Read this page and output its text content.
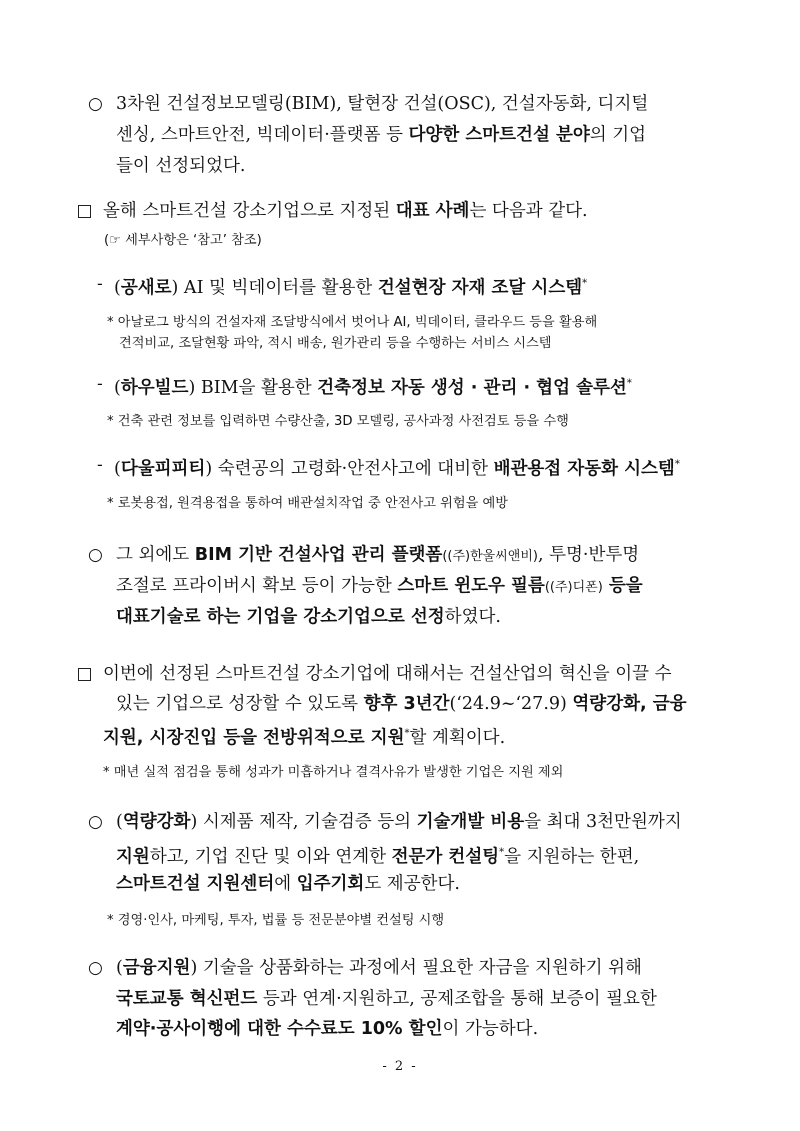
○ 3차원 건설정보모델링(BIM), 탈현장 건설(OSC), 건설자동화, 디지털
센싱, 스마트안전, 빅데이터·플랫폼 등 다양한 스마트건설 분야의 기업
들이 선정되었다.
올해 스마트건설 강소기업으로 지정된 대표 사례는 다음과 같다.
(☞ 세부사항은 ‘참고’ 참조)
- (공새로) AI 및 빅데이터를 활용한 건설현장 자재 조달 시스템*
* 아날로그 방식의 건설자재 조달방식에서 벗어나 AI, 빅데이터, 클라우드 등을 활용해
견적비교, 조달현황 파악, 적시 배송, 원가관리 등을 수행하는 서비스 시스템
- (하우빌드) BIM을 활용한 건축정보 자동 생성 · 관리 · 협업 솔루션*
* 건축 관련 정보를 입력하면 수량산출, 3D 모델링, 공사과정 사전검토 등을 수행
- (다울피피티) 숙련공의 고령화·안전사고에 대비한 배관용접 자동화 시스템*
* 로봇용접, 원격용접을 통하여 배관설치작업 중 안전사고 위험을 예방
○ 그 외에도 BIM 기반 건설사업 관리 플랫폼((주)한울씨앤비), 투명·반투명
조절로 프라이버시 확보 등이 가능한 스마트 윈도우 필름((주)디폰) 등을
대표기술로 하는 기업을 강소기업으로 선정하였다.
이번에 선정된 스마트건설 강소기업에 대해서는 건설산업의 혁신을 이끌 수
있는 기업으로 성장할 수 있도록 향후 3년간(‘24.9~‘27.9) 역량강화, 금융
지원, 시장진입 등을 전방위적으로 지원*할 계획이다.
* 매년 실적 점검을 통해 성과가 미흡하거나 결격사유가 발생한 기업은 지원 제외
○ (역량강화) 시제품 제작, 기술검증 등의 기술개발 비용을 최대 3천만원까지
지원하고, 기업 진단 및 이와 연계한 전문가 컨설팅*을 지원하는 한편,
스마트건설 지원센터에 입주기회도 제공한다.
* 경영·인사, 마케팅, 투자, 법률 등 전문분야별 컨설팅 시행
○ (금융지원) 기술을 상품화하는 과정에서 필요한 자금을 지원하기 위해
국토교통 혁신펀드 등과 연계·지원하고, 공제조합을 통해 보증이 필요한
계약·공사이행에 대한 수수료도 10% 할인이 가능하다.
- 2 -
